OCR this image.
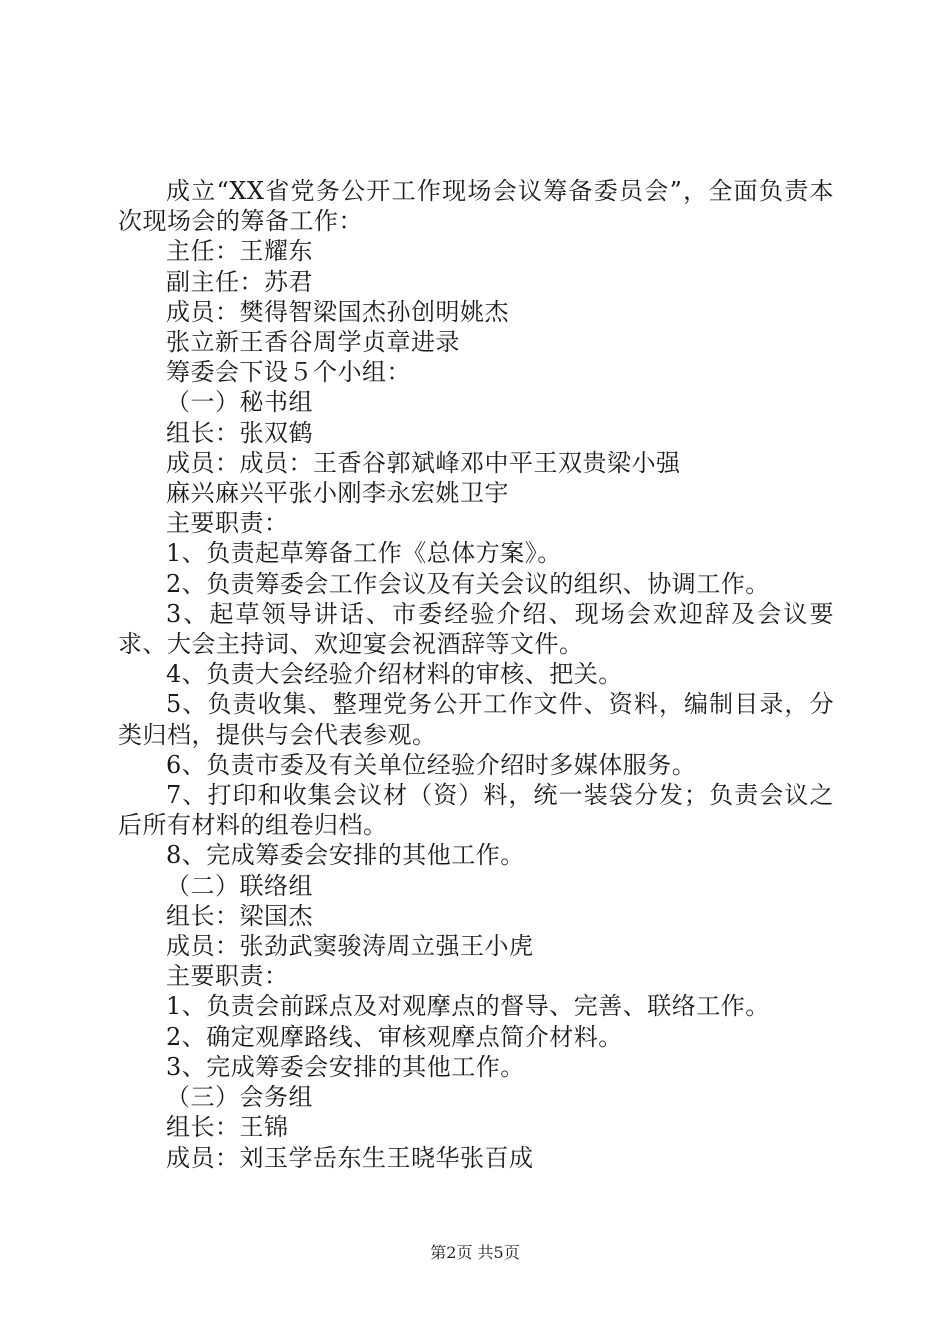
成立“XX省党务公开工作现场会议筹备委员会”，全面负责本次现场会的筹备工作：

主任：王耀东

副主任：苏君

成员：樊得智梁国杰孙创明姚杰

张立新王香谷周学贞章进录

筹委会下设５个小组：

（一）秘书组

组长：张双鹤

成员：成员：王香谷郭斌峰邓中平王双贵梁小强

麻兴麻兴平张小刚李永宏姚卫宇

主要职责：

1、负责起草筹备工作《总体方案》。

2、负责筹委会工作会议及有关会议的组织、协调工作。

3、起草领导讲话、市委经验介绍、现场会欢迎辞及会议要求、大会主持词、欢迎宴会祝酒辞等文件。

4、负责大会经验介绍材料的审核、把关。

5、负责收集、整理党务公开工作文件、资料，编制目录，分类归档，提供与会代表参观。

6、负责市委及有关单位经验介绍时多媒体服务。

7、打印和收集会议材（资）料，统一装袋分发；负责会议之后所有材料的组卷归档。

8、完成筹委会安排的其他工作。

（二）联络组

组长：梁国杰

成员：张劲武窦骏涛周立强王小虎

主要职责：

1、负责会前踩点及对观摩点的督导、完善、联络工作。

2、确定观摩路线、审核观摩点简介材料。

3、完成筹委会安排的其他工作。

（三）会务组

组长：王锦

成员：刘玉学岳东生王晓华张百成

第2页 共5页
